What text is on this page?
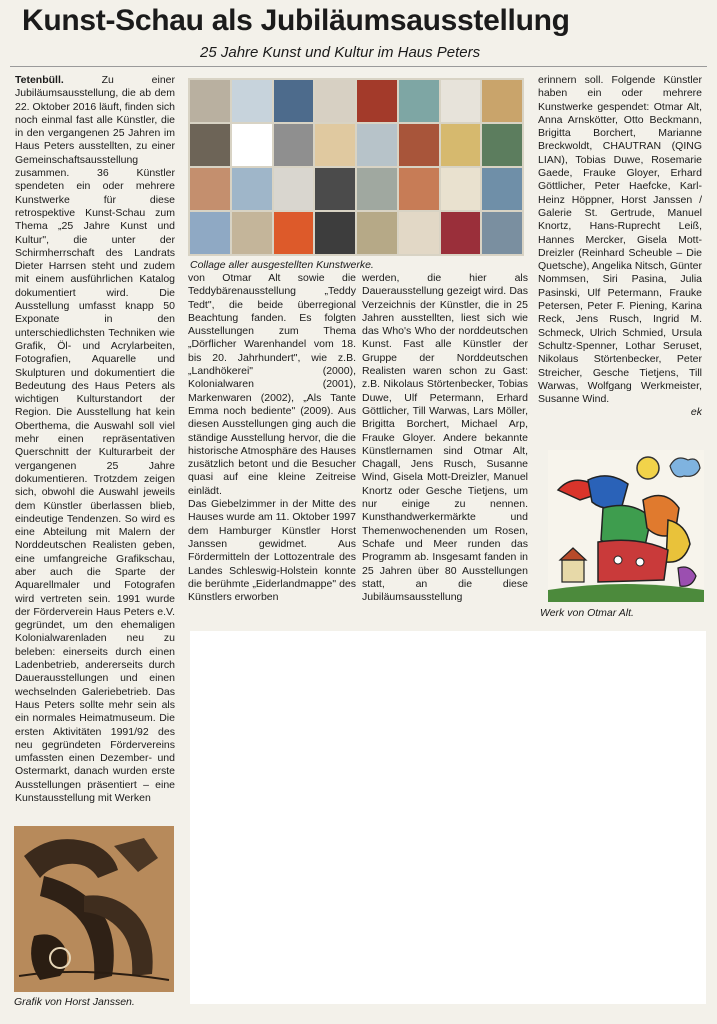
Kunst-Schau als Jubiläumsausstellung
25 Jahre Kunst und Kultur im Haus Peters

Tetenbüll.	Zu einer Jubiläumsausstellung, die ab dem 22. Oktober 2016 läuft, finden sich noch einmal fast alle Künstler, die in den vergangenen 25 Jahren im Haus Peters ausstellten, zu einer Gemeinschaftsausstellung zusammen. 36 Künstler spendeten ein oder mehrere Kunstwerke für diese retrospektive Kunst-Schau zum Thema „25 Jahre Kunst und Kultur", die unter der Schirmherrschaft des Landrats Dieter Harrsen steht und zudem mit einem ausführlichen Katalog dokumentiert wird. Die Ausstellung umfasst knapp 50 Exponate in den unterschiedlichsten Techniken wie Grafik, Öl- und Acrylarbeiten, Fotografien, Aquarelle und Skulpturen und dokumentiert die Bedeutung des Haus Peters als wichtigen Kulturstandort der Region. Die Ausstellung hat kein Oberthema, die Auswahl soll viel mehr einen repräsentativen Querschnitt der Kulturarbeit der vergangenen 25 Jahre dokumentieren. Trotzdem zeigen sich, obwohl die Auswahl jeweils dem Künstler überlassen blieb, eindeutige Tendenzen. So wird es eine Abteilung mit Malern der Norddeutschen Realisten geben, eine umfangreiche Grafikschau, aber auch die Sparte der Aquarellmaler und Fotografen wird vertreten sein. 1991 wurde der Förderverein Haus Peters e.V. gegründet, um den ehemaligen Kolonialwarenladen neu zu beleben: einerseits durch einen Ladenbetrieb, andererseits durch Dauerausstellungen und einen wechselnden Galeriebetrieb. Das Haus Peters sollte mehr sein als ein normales Heimatmuseum. Die ersten Aktivitäten 1991/92 des neu gegründeten Fördervereins umfassten einen Dezember- und Ostermarkt, danach wurden erste Ausstellungen präsentiert – eine Kunstausstellung mit Werken

Collage aller ausgestellten Kunstwerke.

von Otmar Alt sowie die Teddybärenausstellung „Teddy Tedt", die beide überregional Beachtung fanden. Es folgten Ausstellungen zum Thema „Dörflicher Warenhandel vom 18. bis 20. Jahrhundert", wie z.B. „Landhökerei" (2000), Kolonialwaren (2001), Markenwaren (2002), „Als Tante Emma noch bediente" (2009). Aus diesen Ausstellungen ging auch die ständige Ausstellung hervor, die die historische Atmosphäre des Hauses zusätzlich betont und die Besucher quasi auf eine kleine Zeitreise einlädt.

Das Giebelzimmer in der Mitte des Hauses wurde am 11. Oktober 1997 dem Hamburger Künstler Horst Janssen gewidmet. Aus Fördermitteln der Lottozentrale des Landes Schleswig-Holstein konnte die berühmte „Eiderlandmappe" des Künstlers erworben

werden, die hier als Dauerausstellung gezeigt wird. Das Verzeichnis der Künstler, die in 25 Jahren ausstellten, liest sich wie das Who's Who der norddeutschen Kunst. Fast alle Künstler der Gruppe der Norddeutschen Realisten waren schon zu Gast: z.B. Nikolaus Störtenbecker, Tobias Duwe, Ulf Petermann, Erhard Göttlicher, Till Warwas, Lars Möller, Brigitta Borchert, Michael Arp, Frauke Gloyer. Andere bekannte Künstlernamen sind Otmar Alt, Chagall, Jens Rusch, Susanne Wind, Gisela Mott-Dreizler, Manuel Knortz oder Gesche Tietjens, um nur einige zu nennen. Kunsthandwerkermärkte und Themenwochenenden um Rosen, Schafe und Meer runden das Programm ab. Insgesamt fanden in 25 Jahren über 80 Ausstellungen statt, an die diese Jubiläumsausstellung

erinnern soll. Folgende Künstler haben ein oder mehrere Kunstwerke gespendet: Otmar Alt, Anna Arnskötter, Otto Beckmann, Brigitta Borchert, Marianne Breckwoldt, CHAUTRAN (QING LIAN), Tobias Duwe, Rosemarie Gaede, Frauke Gloyer, Erhard Göttlicher, Peter Haefcke, Karl-Heinz Höppner, Horst Janssen / Galerie St. Gertrude, Manuel Knortz, Hans-Ruprecht Leiß, Hannes Mercker, Gisela Mott-Dreizler (Reinhard Scheuble – Die Quetsche), Angelika Nitsch, Günter Nommsen, Siri Pasina, Julia Pasinski, Ulf Petermann, Frauke Petersen, Peter F. Piening, Karina Reck, Jens Rusch, Ingrid M. Schmeck, Ulrich Schmied, Ursula Schultz-Spenner, Lothar Seruset, Nikolaus Störtenbecker, Peter Streicher, Gesche Tietjens, Till Warwas, Wolfgang Werkmeister, Susanne Wind.

ek
Werk von Otmar Alt.
Grafik von Horst Janssen.
